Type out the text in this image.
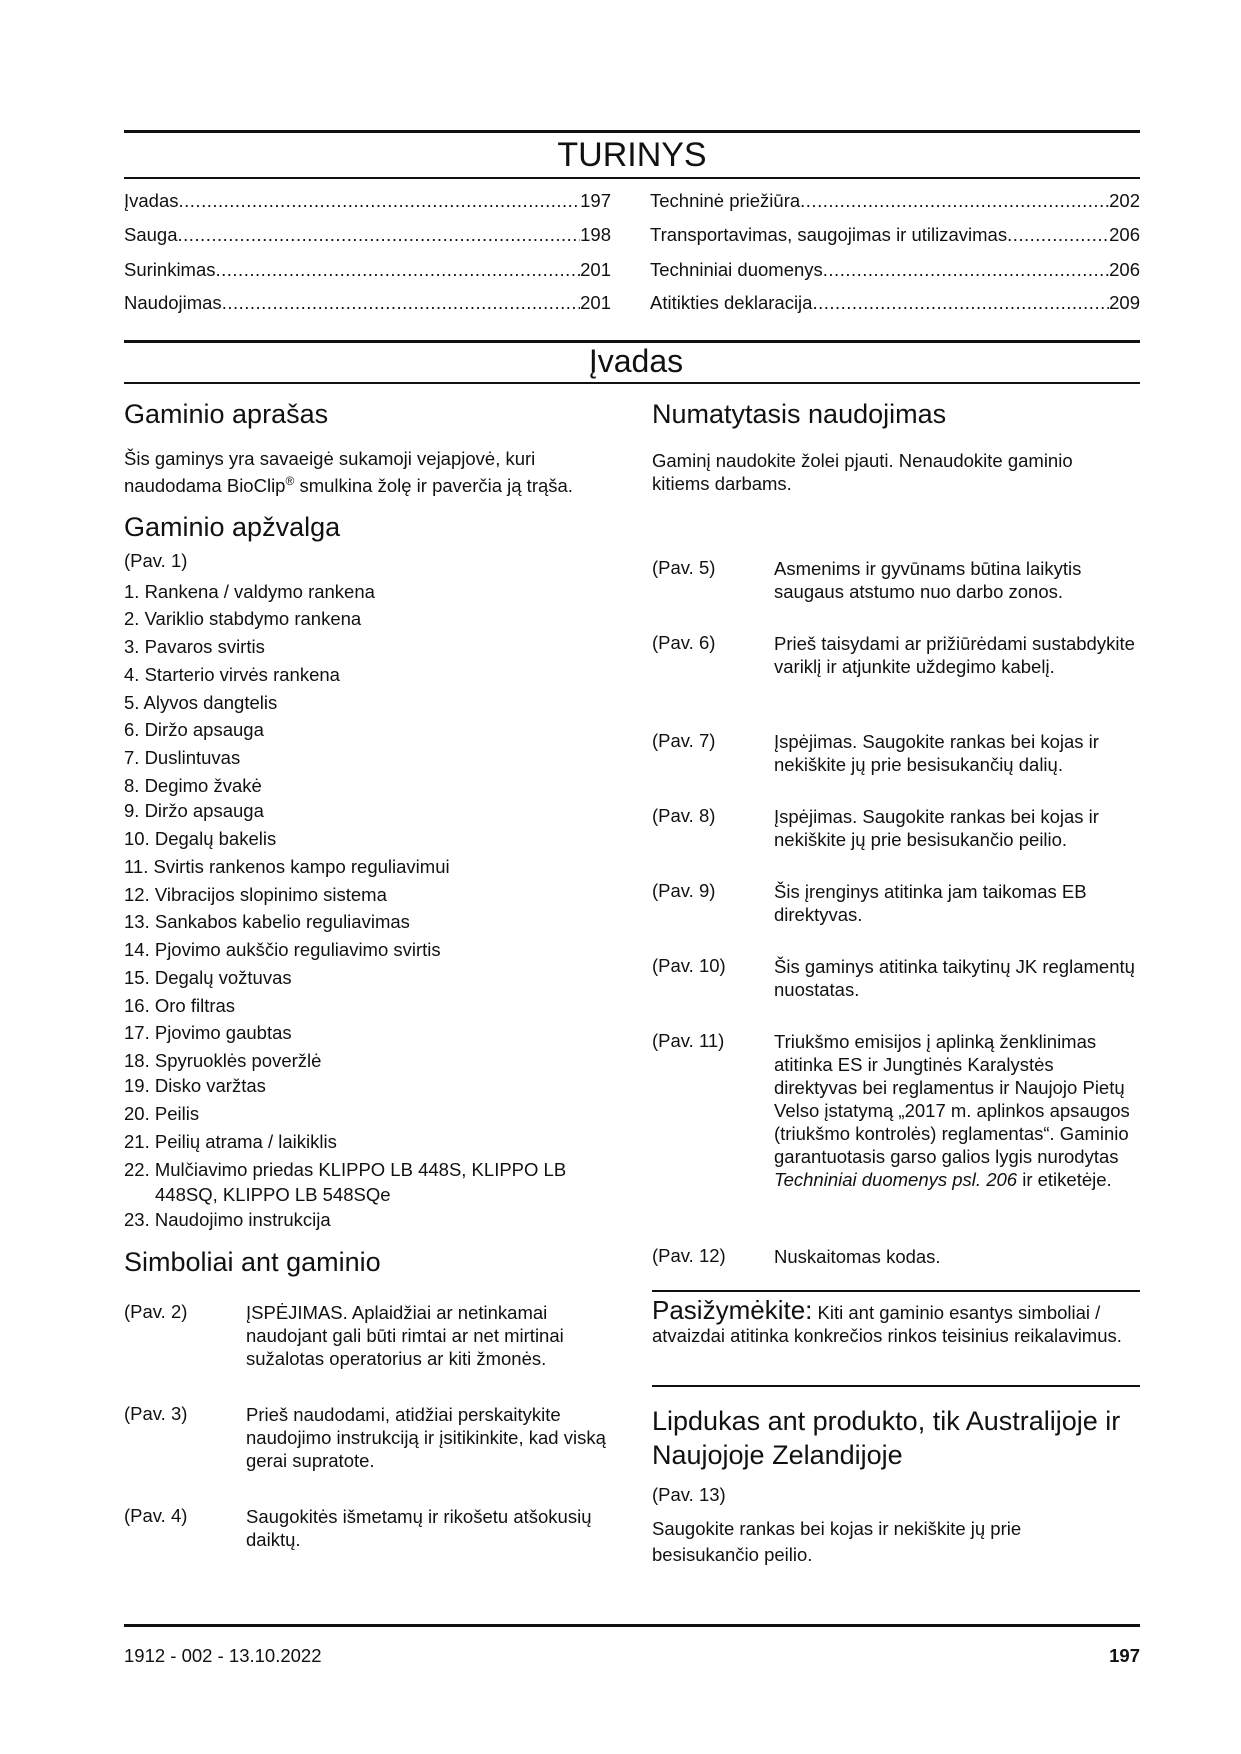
TURINYS
Įvadas .....	197
Sauga .....	198
Surinkimas .....	201
Naudojimas .....	201
Techninė priežiūra .....	202
Transportavimas, saugojimas ir utilizavimas .....	206
Techniniai duomenys .....	206
Atitikties deklaracija .....	209
Įvadas
Gaminio aprašas
Šis gaminys yra savaeigė sukamoji vejapjovė, kuri naudodama BioClip® smulkina žolę ir paverčia ją trąša.
Gaminio apžvalga
(Pav. 1)
1. Rankena / valdymo rankena
2. Variklio stabdymo rankena
3. Pavaros svirtis
4. Starterio virvės rankena
5. Alyvos dangtelis
6. Diržo apsauga
7. Duslintuvas
8. Degimo žvakė
9. Diržo apsauga
10. Degalų bakelis
11. Svirtis rankenos kampo reguliavimui
12. Vibracijos slopinimo sistema
13. Sankabos kabelio reguliavimas
14. Pjovimo aukščio reguliavimo svirtis
15. Degalų vožtuvas
16. Oro filtras
17. Pjovimo gaubtas
18. Spyruoklės poveržlė
19. Disko varžtas
20. Peilis
21. Peilių atrama / laikiklis
22. Mulčiavimo priedas KLIPPO LB 448S, KLIPPO LB
448SQ, KLIPPO LB 548SQe
23. Naudojimo instrukcija
Simboliai ant gaminio
(Pav. 2)	ĮSPĖJIMAS. Aplaidžiai ar netinkamai naudojant gali būti rimtai ar net mirtinai sužalotas operatorius ar kiti žmonės.
(Pav. 3)	Prieš naudodami, atidžiai perskaitykite naudojimo instrukciją ir įsitikinkite, kad viską gerai supratote.
(Pav. 4)	Saugokitės išmetamų ir rikošetu atšokusių daiktų.
Numatytasis naudojimas
Gaminį naudokite žolei pjauti. Nenaudokite gaminio kitiems darbams.
(Pav. 5)	Asmenims ir gyvūnams būtina laikytis saugaus atstumo nuo darbo zonos.
(Pav. 6)	Prieš taisydami ar prižiūrėdami sustabdykite variklį ir atjunkite uždegimo kabelį.
(Pav. 7)	Įspėjimas. Saugokite rankas bei kojas ir nekiškite jų prie besisukančių dalių.
(Pav. 8)	Įspėjimas. Saugokite rankas bei kojas ir nekiškite jų prie besisukančio peilio.
(Pav. 9)	Šis įrenginys atitinka jam taikomas EB direktyvas.
(Pav. 10)	Šis gaminys atitinka taikytinų JK reglamentų nuostatas.
(Pav. 11)	Triukšmo emisijos į aplinką ženklinimas atitinka ES ir Jungtinės Karalystės direktyvas bei reglamentus ir Naujojo Pietų Velso įstatymą „2017 m. aplinkos apsaugos (triukšmo kontrolės) reglamentas“. Gaminio garantuotasis garso galios lygis nurodytas Techniniai duomenys psl. 206 ir etiketėje.
(Pav. 12)	Nuskaitomas kodas.
Pasižymėkite: Kiti ant gaminio esantys simboliai / atvaizdai atitinka konkrečios rinkos teisinius reikalavimus.
Lipdukas ant produkto, tik Australijoje ir Naujojoje Zelandijoje
(Pav. 13)
Saugokite rankas bei kojas ir nekiškite jų prie besisukančio peilio.
1912 - 002 - 13.10.2022	197
